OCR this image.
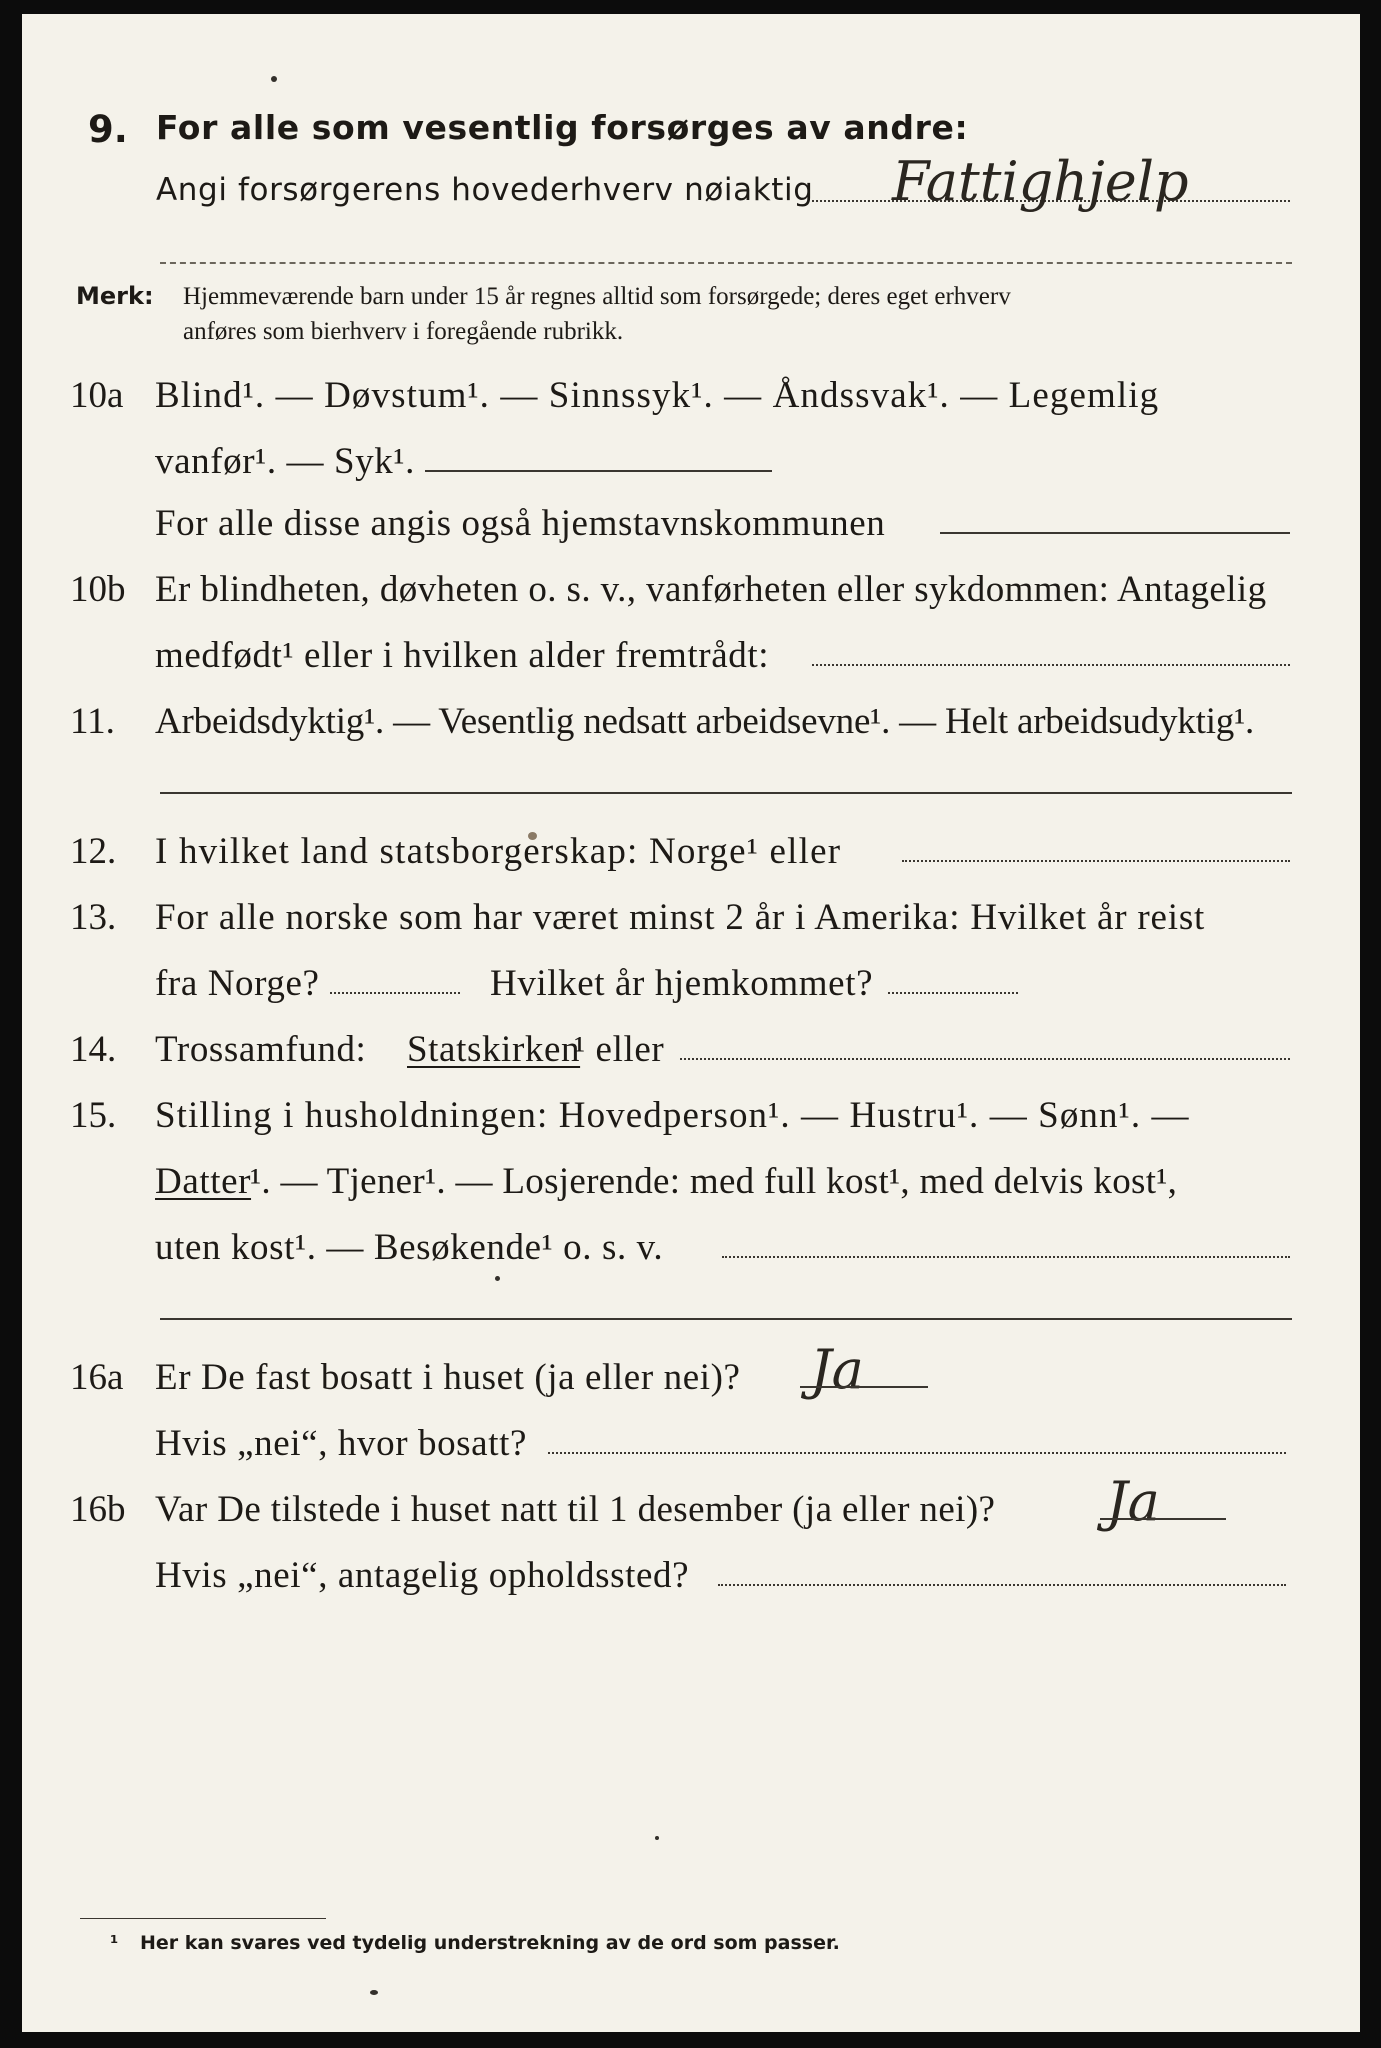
9. For alle som vesentlig forsørges av andre:
Angi forsørgerens hovederhverv nøiaktig Fattighjelp
Merk: Hjemmeværende barn under 15 år regnes alltid som forsørgede; deres eget erhverv
anføres som bierhverv i foregående rubrikk.
10a Blind¹. — Døvstum¹. — Sinnssyk¹. — Åndssvak¹. — Legemlig
vanfør¹. — Syk¹.
For alle disse angis også hjemstavnskommunen
10b Er blindheten, døvheten o. s. v., vanførheten eller sykdommen: Antagelig
medfødt¹ eller i hvilken alder fremtrådt:
11. Arbeidsdyktig¹. — Vesentlig nedsatt arbeidsevne¹. — Helt arbeidsudyktig¹.
12. I hvilket land statsborgerskap: Norge¹ eller
13. For alle norske som har været minst 2 år i Amerika: Hvilket år reist
fra Norge?	Hvilket år hjemkommet?
14. Trossamfund: Statskirken
¹ eller
15. Stilling i husholdningen: Hovedperson¹. — Hustru¹. — Sønn¹. —
Datter
¹. — Tjener¹. — Losjerende: med full kost¹, med delvis kost¹,
uten kost¹. — Besøkende¹ o. s. v.
16a Er De fast bosatt i huset (ja eller nei)? Ja
Hvis „nei“, hvor bosatt?
16b Var De tilstede i huset natt til 1 desember (ja eller nei)? Ja
Hvis „nei“, antagelig opholdssted?
¹ Her kan svares ved tydelig understrekning av de ord som passer.
